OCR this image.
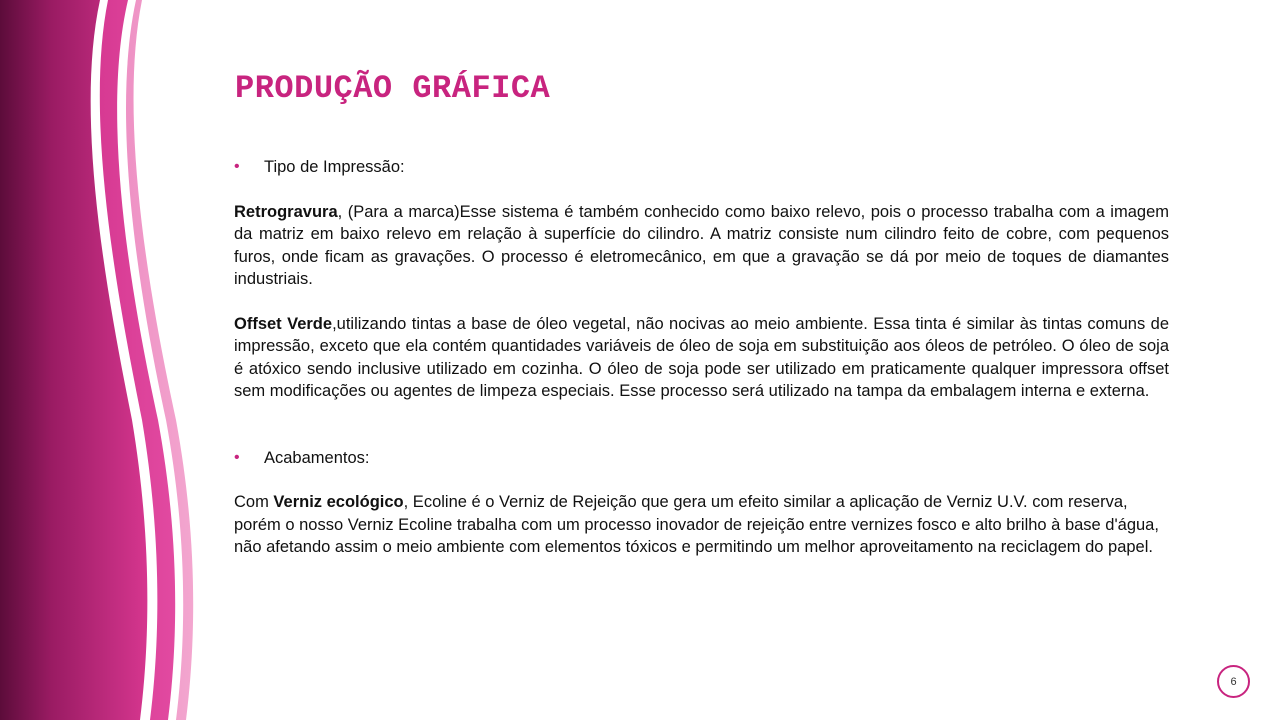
PRODUÇÃO GRÁFICA

• Tipo de Impressão:

Retrogravura, (Para a marca)Esse sistema é também conhecido como baixo relevo, pois o processo trabalha com a imagem da matriz em baixo relevo em relação à superfície do cilindro. A matriz consiste num cilindro feito de cobre, com pequenos furos, onde ficam as gravações. O processo é eletromecânico, em que a gravação se dá por meio de toques de diamantes industriais.

Offset Verde,utilizando tintas a base de óleo vegetal, não nocivas ao meio ambiente. Essa tinta é similar às tintas comuns de impressão, exceto que ela contém quantidades variáveis de óleo de soja em substituição aos óleos de petróleo. O óleo de soja é atóxico sendo inclusive utilizado em cozinha. O óleo de soja pode ser utilizado em praticamente qualquer impressora offset sem modificações ou agentes de limpeza especiais. Esse processo será utilizado na tampa da embalagem interna e externa.

• Acabamentos:

Com Verniz ecológico, Ecoline é o Verniz de Rejeição que gera um efeito similar a aplicação de Verniz U.V. com reserva, porém o nosso Verniz Ecoline trabalha com um processo inovador de rejeição entre vernizes fosco e alto brilho à base d'água, não afetando assim o meio ambiente com elementos tóxicos e permitindo um melhor aproveitamento na reciclagem do papel.

6
